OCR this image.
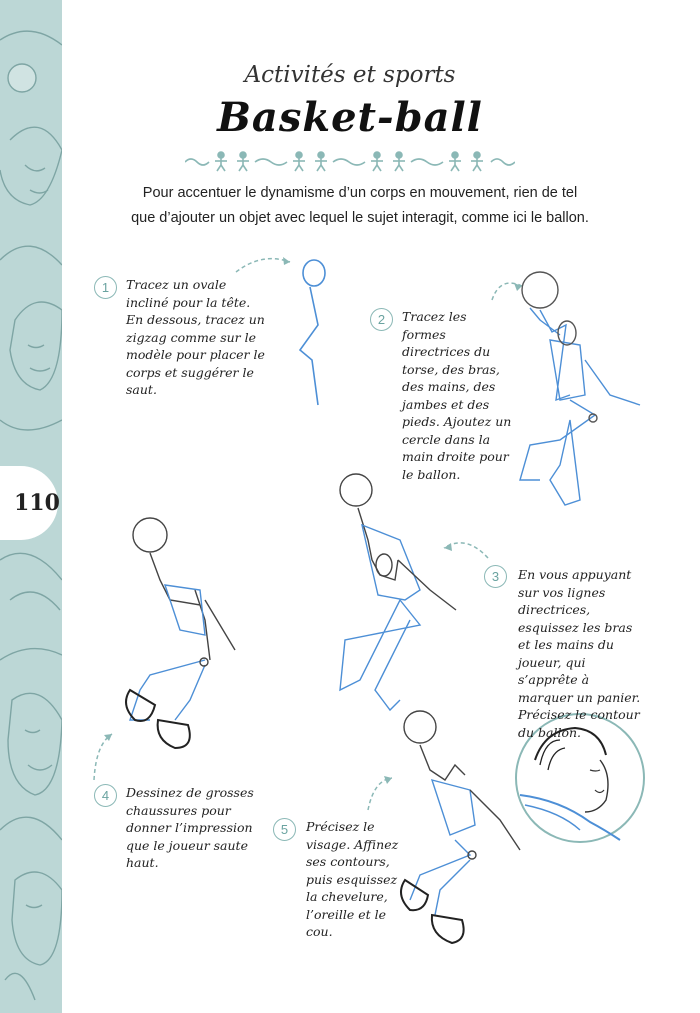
110
Activités et sports
Basket-ball
Pour accentuer le dynamisme d’un corps en mouvement, rien de tel que d’ajouter un objet avec lequel le sujet interagit, comme ici le ballon.
1	Tracez un ovale incliné pour la tête. En dessous, tracez un zigzag comme sur le modèle pour placer le corps et suggérer le saut.
2	Tracez les formes directrices du torse, des bras, des mains, des jambes et des pieds. Ajoutez un cercle dans la main droite pour le ballon.
3	En vous appuyant sur vos lignes directrices, esquissez les bras et les mains du joueur, qui s’apprête à marquer un panier. Précisez le contour du ballon.
4	Dessinez de grosses chaussures pour donner l’impression que le joueur saute haut.
5	Précisez le visage. Affinez ses contours, puis esquissez la chevelure, l’oreille et le cou.
